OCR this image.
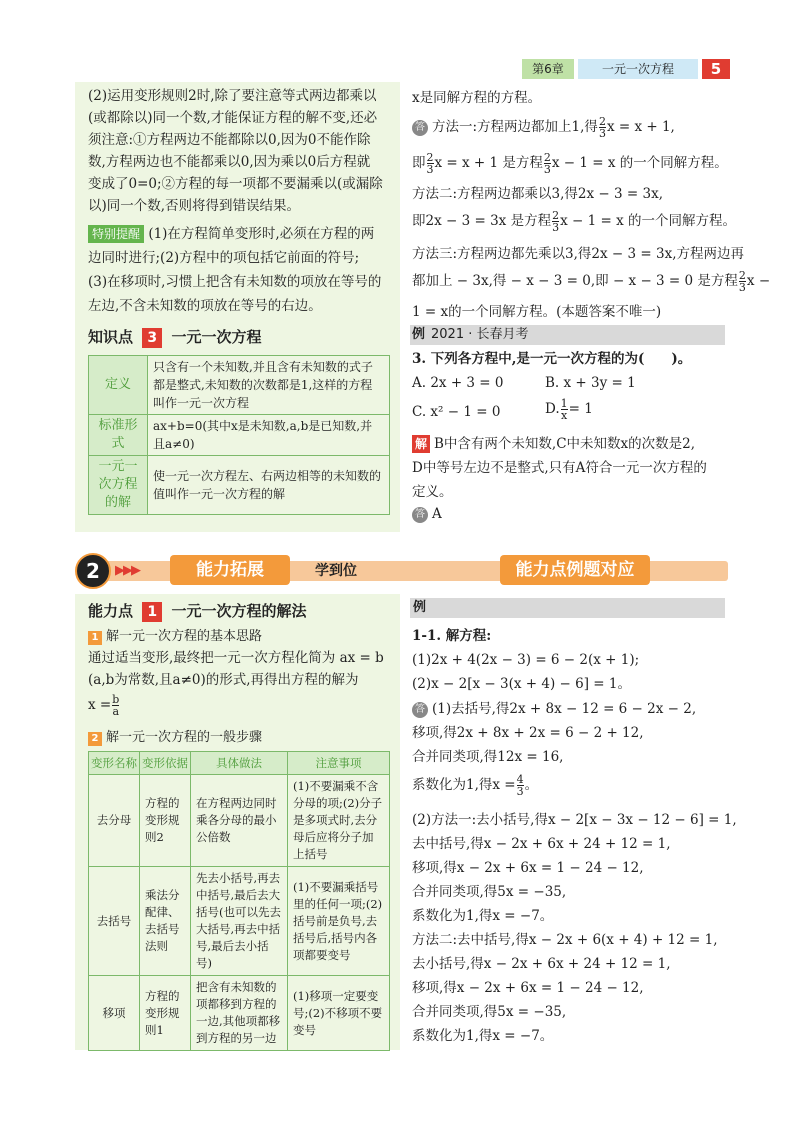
第6章	一元一次方程	5
(2)运用变形规则2时,除了要注意等式两边都乘以
(或都除以)同一个数,才能保证方程的解不变,还必
须注意:①方程两边不能都除以0,因为0不能作除
数,方程两边也不能都乘以0,因为乘以0后方程就
变成了0=0;②方程的每一项都不要漏乘以(或漏除
以)同一个数,否则将得到错误结果。
特别提醒 (1)在方程简单变形时,必须在方程的两
边同时进行;(2)方程中的项包括它前面的符号;
(3)在移项时,习惯上把含有未知数的项放在等号的
左边,不含未知数的项放在等号的右边。
知识点 3 一元一次方程
定义	只含有一个未知数,并且含有未知数的式子都是整式,未知数的次数都是1,这样的方程叫作一元一次方程
标准形式	ax+b=0(其中x是未知数,a,b是已知数,并且a≠0)
一元一次方程的解	使一元一次方程左、右两边相等的未知数的值叫作一元一次方程的解
x是同解方程的方程。
答 方法一:方程两边都加上1,得 $\frac{2}{3}$ x = x + 1,
即 $\frac{2}{3}$ x = x + 1 是方程 $\frac{2}{3}$ x − 1 = x 的一个同解方程。
方法二:方程两边都乘以3,得2x − 3 = 3x,
即2x − 3 = 3x 是方程 $\frac{2}{3}$ x − 1 = x 的一个同解方程。
方法三:方程两边都先乘以3,得2x − 3 = 3x,方程两边再
都加上 − 3x,得 − x − 3 = 0,即 − x − 3 = 0 是方程 $\frac{2}{3}$ x −
1 = x的一个同解方程。(本题答案不唯一)
例 2021 · 长春月考
3. 下列各方程中,是一元一次方程的为(　　)。
A. 2x + 3 = 0	B. x + 3y = 1
C. x² − 1 = 0	D. $\frac{1}{x} = 1$
解 B中含有两个未知数,C中未知数x的次数是2,
D中等号左边不是整式,只有A符合一元一次方程的
定义。
答 A
2	▶▶▶	能力拓展	学到位	能力点例题对应
能力点 1 一元一次方程的解法
1 解一元一次方程的基本思路
通过适当变形,最终把一元一次方程化简为 ax = b
(a,b为常数,且a≠0)的形式,再得出方程的解为
$x = \frac{b}{a}$
2 解一元一次方程的一般步骤
变形名称	变形依据	具体做法	注意事项
去分母	方程的变形规则2	在方程两边同时乘各分母的最小公倍数	(1)不要漏乘不含分母的项;(2)分子是多项式时,去分母后应将分子加上括号
去括号	乘法分配律、去括号法则	先去小括号,再去中括号,最后去大括号(也可以先去大括号,再去中括号,最后去小括号)	(1)不要漏乘括号里的任何一项;(2)括号前是负号,去括号后,括号内各项都要变号
移项	方程的变形规则1	把含有未知数的项都移到方程的一边,其他项都移到方程的另一边	(1)移项一定要变号;(2)不移项不要变号
例
1-1. 解方程:
(1)2x + 4(2x − 3) = 6 − 2(x + 1);
(2)x − 2[x − 3(x + 4) − 6] = 1。
答 (1)去括号,得2x + 8x − 12 = 6 − 2x − 2,
移项,得2x + 8x + 2x = 6 − 2 + 12,
合并同类项,得12x = 16,
系数化为1,得$x = \frac{4}{3}$ 。
(2)方法一:去小括号,得x − 2[x − 3x − 12 − 6] = 1,
去中括号,得x − 2x + 6x + 24 + 12 = 1,
移项,得x − 2x + 6x = 1 − 24 − 12,
合并同类项,得5x = −35,
系数化为1,得x = −7。
方法二:去中括号,得x − 2x + 6(x + 4) + 12 = 1,
去小括号,得x − 2x + 6x + 24 + 12 = 1,
移项,得x − 2x + 6x = 1 − 24 − 12,
合并同类项,得5x = −35,
系数化为1,得x = −7。
